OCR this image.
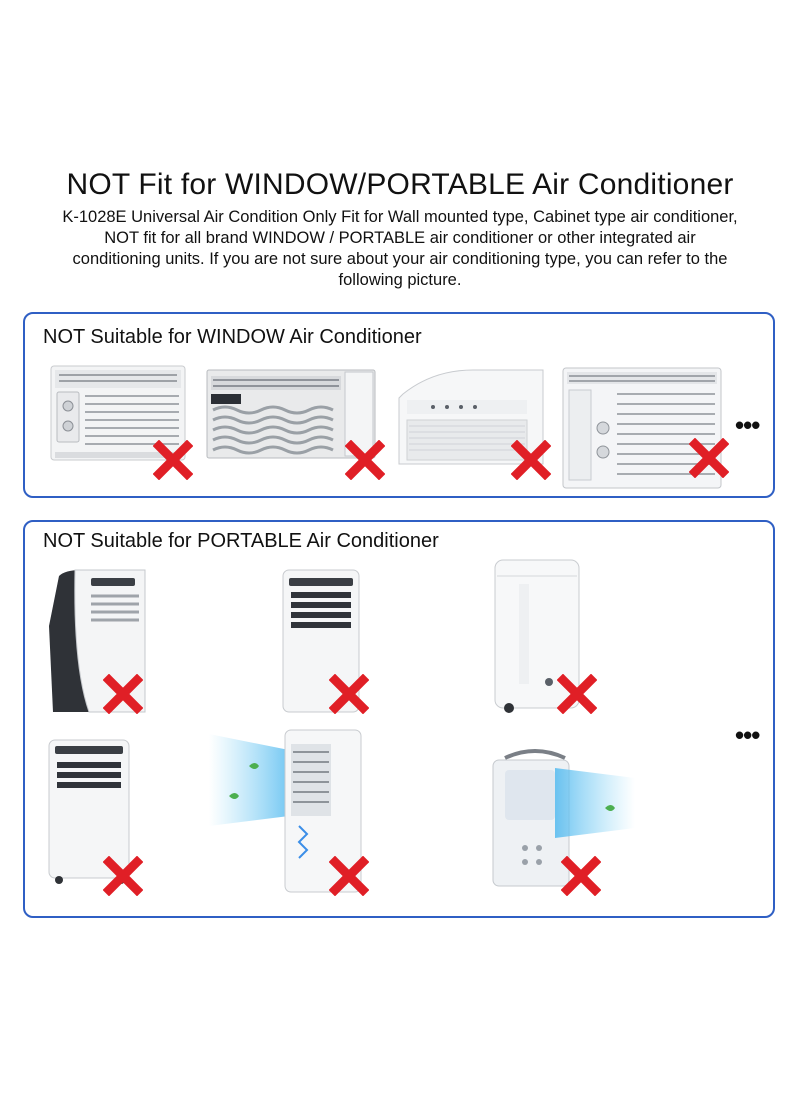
NOT Fit for WINDOW/PORTABLE Air Conditioner
K-1028E Universal Air Condition Only Fit for Wall mounted type, Cabinet type air conditioner, NOT fit for all brand WINDOW / PORTABLE air conditioner or other integrated air conditioning units. If you are not sure about your air conditioning type, you can refer to the following picture.
NOT Suitable for WINDOW Air Conditioner
•••
NOT Suitable for PORTABLE Air Conditioner
•••
